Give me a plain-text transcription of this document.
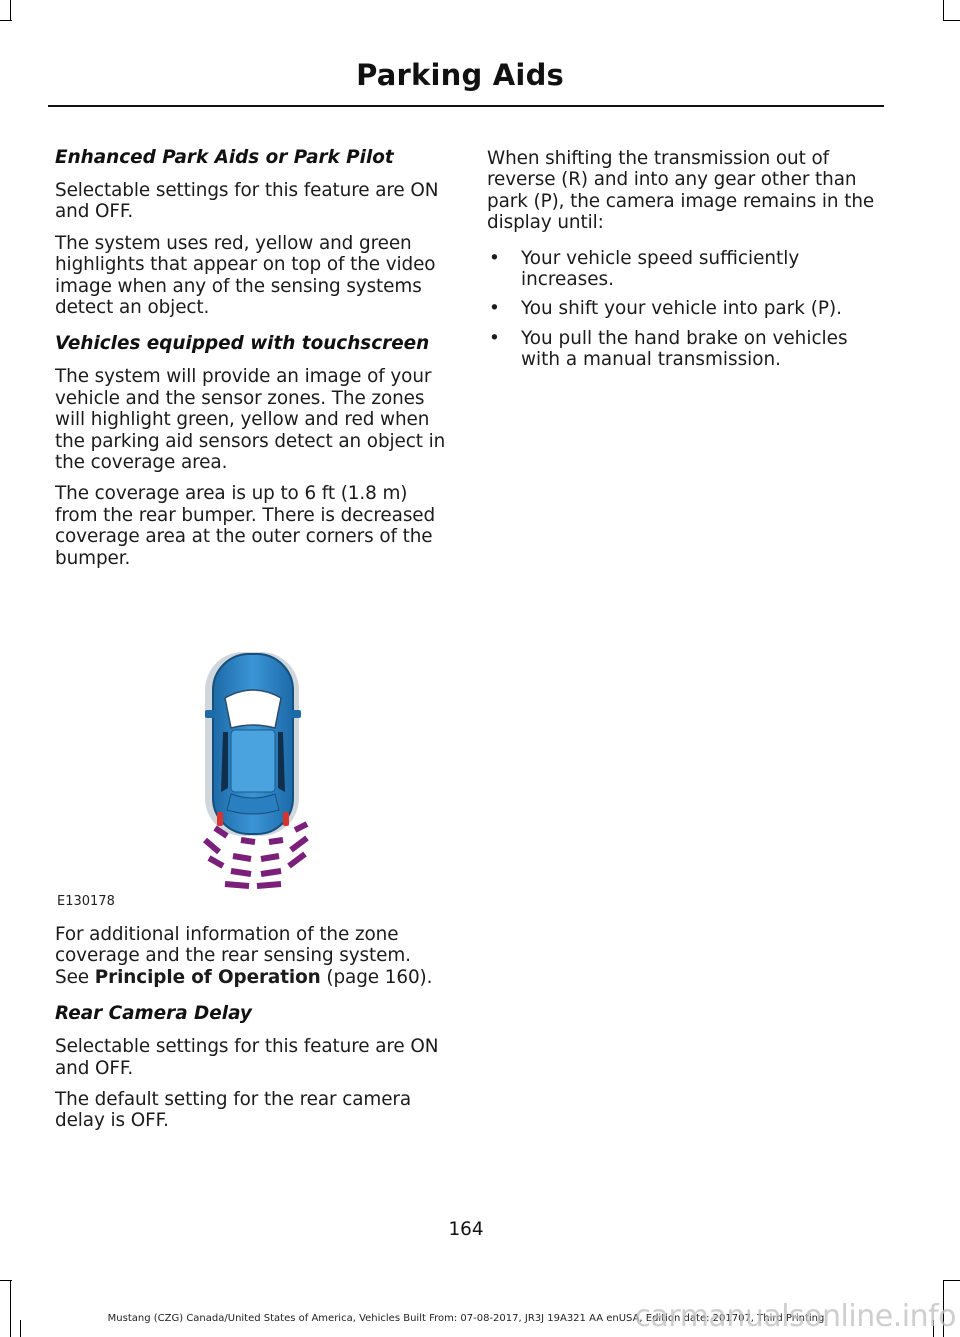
Parking Aids

Enhanced Park Aids or Park Pilot

Selectable settings for this feature are ON and OFF.

The system uses red, yellow and green highlights that appear on top of the video image when any of the sensing systems detect an object.

Vehicles equipped with touchscreen

The system will provide an image of your vehicle and the sensor zones. The zones will highlight green, yellow and red when the parking aid sensors detect an object in the coverage area.

The coverage area is up to 6 ft (1.8 m) from the rear bumper. There is decreased coverage area at the outer corners of the bumper.

E130178

For additional information of the zone coverage and the rear sensing system. See Principle of Operation (page 160).

Rear Camera Delay

Selectable settings for this feature are ON and OFF.

The default setting for the rear camera delay is OFF.

When shifting the transmission out of reverse (R) and into any gear other than park (P), the camera image remains in the display until:

• Your vehicle speed sufficiently increases.
• You shift your vehicle into park (P).
• You pull the hand brake on vehicles with a manual transmission.
164
Mustang (CZG) Canada/United States of America, Vehicles Built From: 07-08-2017, JR3J 19A321 AA enUSA, Edition date: 201707, Third Printing
carmanualsonline.info
